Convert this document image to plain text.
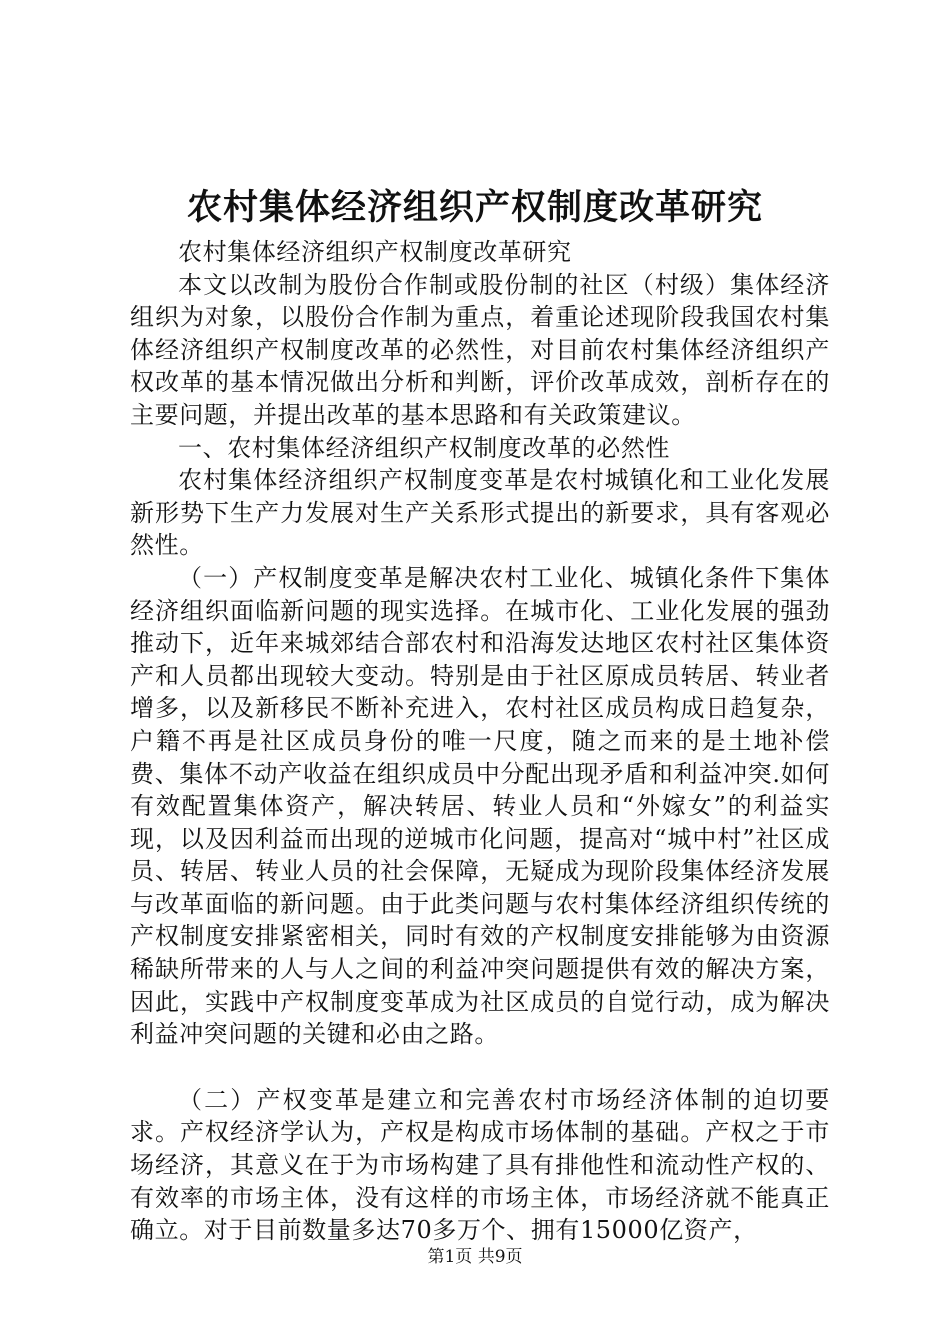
农村集体经济组织产权制度改革研究

农村集体经济组织产权制度改革研究

本文以改制为股份合作制或股份制的社区（村级）集体经济组织为对象，以股份合作制为重点，着重论述现阶段我国农村集体经济组织产权制度改革的必然性，对目前农村集体经济组织产权改革的基本情况做出分析和判断，评价改革成效，剖析存在的主要问题，并提出改革的基本思路和有关政策建议。

一、农村集体经济组织产权制度改革的必然性

农村集体经济组织产权制度变革是农村城镇化和工业化发展新形势下生产力发展对生产关系形式提出的新要求，具有客观必然性。

（一）产权制度变革是解决农村工业化、城镇化条件下集体经济组织面临新问题的现实选择。在城市化、工业化发展的强劲推动下，近年来城郊结合部农村和沿海发达地区农村社区集体资产和人员都出现较大变动。特别是由于社区原成员转居、转业者增多，以及新移民不断补充进入，农村社区成员构成日趋复杂，户籍不再是社区成员身份的唯一尺度，随之而来的是土地补偿费、集体不动产收益在组织成员中分配出现矛盾和利益冲突.如何有效配置集体资产，解决转居、转业人员和“外嫁女”的利益实现，以及因利益而出现的逆城市化问题，提高对“城中村”社区成员、转居、转业人员的社会保障，无疑成为现阶段集体经济发展与改革面临的新问题。由于此类问题与农村集体经济组织传统的产权制度安排紧密相关，同时有效的产权制度安排能够为由资源稀缺所带来的人与人之间的利益冲突问题提供有效的解决方案，因此，实践中产权制度变革成为社区成员的自觉行动，成为解决利益冲突问题的关键和必由之路。

（二）产权变革是建立和完善农村市场经济体制的迫切要求。产权经济学认为，产权是构成市场体制的基础。产权之于市场经济，其意义在于为市场构建了具有排他性和流动性产权的、有效率的市场主体，没有这样的市场主体，市场经济就不能真正确立。对于目前数量多达70多万个、拥有15000亿资产，

第1页 共9页
